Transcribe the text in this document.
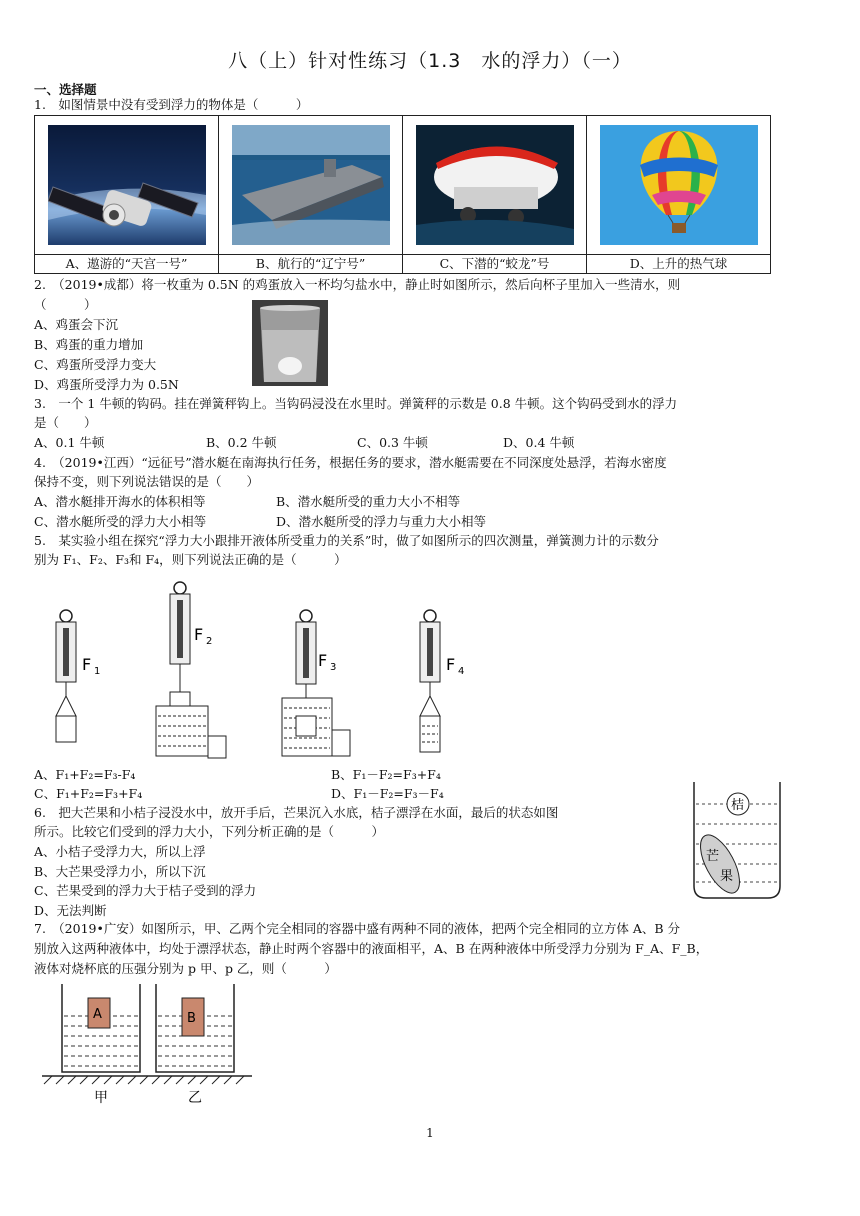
八（上）针对性练习（1.3　水的浮力）（一）
一、选择题
1.　如图情景中没有受到浮力的物体是（　　　）

A、遨游的“天宫一号”	B、航行的“辽宁号”	C、下潜的“蛟龙”号	D、上升的热气球
2.　（2019•成都）将一枚重为 0.5N 的鸡蛋放入一杯均匀盐水中，静止时如图所示，然后向杯子里加入一些清水，则
（　　　）
A、鸡蛋会下沉
B、鸡蛋的重力增加
C、鸡蛋所受浮力变大
D、鸡蛋所受浮力为 0.5N
3.　一个 1 牛顿的钩码。挂在弹簧秤钩上。当钩码浸没在水里时。弹簧秤的示数是 0.8 牛顿。这个钩码受到水的浮力
是（　　）
A、0.1 牛顿	B、0.2 牛顿	C、0.3 牛顿	D、0.4 牛顿
4.　（2019•江西）“远征号”潜水艇在南海执行任务，根据任务的要求，潜水艇需要在不同深度处悬浮，若海水密度
保持不变，则下列说法错误的是（　　）
A、潜水艇排开海水的体积相等	B、潜水艇所受的重力大小不相等
C、潜水艇所受的浮力大小相等	D、潜水艇所受的浮力与重力大小相等
5.　某实验小组在探究“浮力大小跟排开液体所受重力的关系”时，做了如图所示的四次测量，弹簧测力计的示数分
别为 F₁、F₂、F₃和 F₄，则下列说法正确的是（　　　）
F 1
F 2
F 3	F 4
A、F₁+F₂=F₃-F₄	B、F₁－F₂=F₃+F₄
C、F₁+F₂=F₃+F₄	D、F₁－F₂=F₃－F₄
6.　把大芒果和小桔子浸没水中，放开手后，芒果沉入水底，桔子漂浮在水面，最后的状态如图
所示。比较它们受到的浮力大小，下列分析正确的是（　　　）
A、小桔子受浮力大，所以上浮
B、大芒果受浮力小，所以下沉
C、芒果受到的浮力大于桔子受到的浮力
D、无法判断
桔
芒
果
7.　（2019•广安）如图所示，甲、乙两个完全相同的容器中盛有两种不同的液体，把两个完全相同的立方体 A、B 分
别放入这两种液体中，均处于漂浮状态，静止时两个容器中的液面相平，A、B 在两种液体中所受浮力分别为 F_A、F_B，
液体对烧杯底的压强分别为 p 甲、p 乙，则（　　　）
A	B
甲	乙
1
